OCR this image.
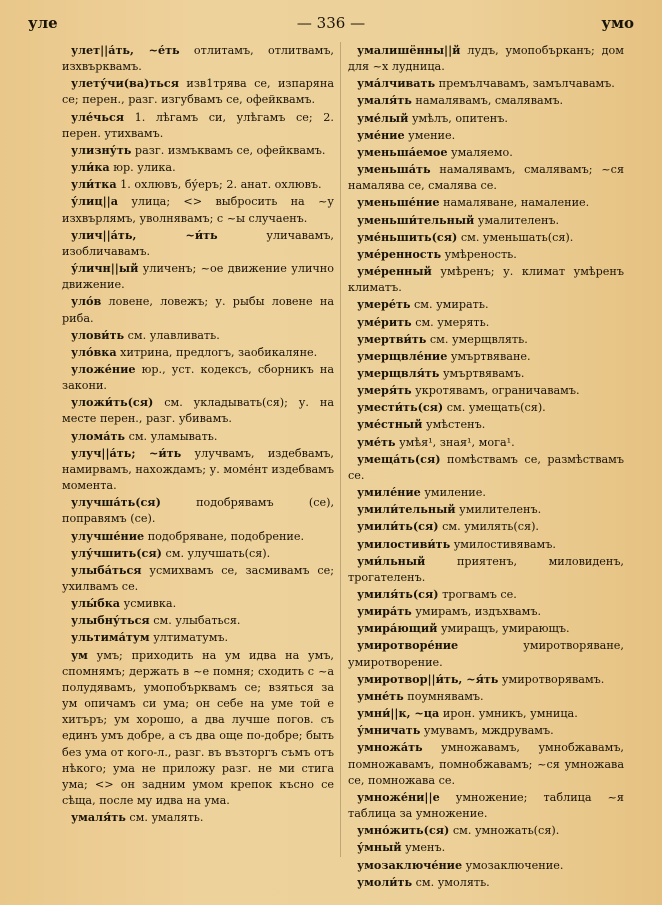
уле	— 336 —	умо

улет||а́ть, ~е́ть отлитамъ, отлитвамъ, изхвърквамъ.

улету́чи(ва)ться изв1трява се, изпаряна се; перен., разг. изгубвамъ се, офейквамъ.

уле́чься 1. лѣгамъ си, улѣгамъ се; 2. перен. утихвамъ.

улизну́ть разг. измъквамъ се, офейквамъ.

ули́ка юр. улика.

ули́тка 1. охлювъ, бу́еръ; 2. анат. охлювъ.

у́лиц||а улица; <> выбросить на ~у изхвърлямъ, уволнявамъ; с ~ы случаенъ.

улич||а́ть, ~и́ть уличавамъ, изобличавамъ.

у́личн||ый уличенъ; ~ое движение улично движение.

уло́в ловене, ловежъ; у. рыбы ловене на риба.

улови́ть см. улавливать.

уло́вка хитрина, предлогъ, заобикаляне.

уложе́ние юр., уст. кодексъ, сборникъ на закони.

уложи́ть(ся) см. укладывать(ся); у. на месте перен., разг. убивамъ.

улома́ть см. уламывать.

улуч||а́ть; ~и́ть улучвамъ, издебвамъ, намирвамъ, нахождамъ; у. моме́нт издебвамъ момента.

улучша́ть(ся) подобрявамъ (се), поправямъ (се).

улучше́ние подобряване, подобрение.

улу́чшить(ся) см. улучшать(ся).

улыба́ться усмихвамъ се, засмивамъ се; ухилвамъ се.

улы́бка усмивка.

улыбну́ться см. улыбаться.

ультима́тум ултиматумъ.

ум умъ; приходить на ум идва на умъ, спомнямъ; держать в ~е помня; сходить с ~а полудявамъ, умопобърквамъ се; взяться за ум опичамъ си ума; он себе на уме той е хитъръ; ум хорошо, а два лучше погов. съ единъ умъ добре, а съ два още по-добре; быть без ума от кого-л., разг. въ възторгъ съмъ отъ нѣкого; ума не приложу разг. не ми стига ума; <> он задним умом крепок късно се сѣща, после му идва на ума.

умаля́ть см. умалять.

умалишённы||й лудъ, умопобърканъ; дом для ~х лудница.

ума́лчивать премълчавамъ, замълчавамъ.

умаля́ть намалявамъ, смалявамъ.

уме́лый умѣлъ, опитенъ.

уме́ние умение.

уменьша́емое умаляемо.

уменьша́ть намалявамъ, смалявамъ; ~ся намалява се, смалява се.

уменьше́ние намаляване, намаление.

уменьши́тельный умалителенъ.

уме́ньшить(ся) см. уменьшать(ся).

уме́ренность умѣреность.

уме́ренный умѣренъ; у. климат умѣренъ климатъ.

умере́ть см. умирать.

уме́рить см. умерять.

умертви́ть см. умерщвлять.

умерщвле́ние умъртвяване.

умерщвля́ть умъртвявамъ.

умеря́ть укротявамъ, ограничавамъ.

умести́ть(ся) см. умещать(ся).

уме́стный умѣстенъ.

уме́ть умѣя¹, зная¹, мога¹.

умеща́ть(ся) помѣствамъ се, размѣствамъ се.

умиле́ние умиление.

умили́тельный умилителенъ.

умили́ть(ся) см. умилять(ся).

умилостиви́ть умилостивявамъ.

уми́льный приятенъ, миловиденъ, трогателенъ.

умиля́ть(ся) трогвамъ се.

умира́ть умирамъ, издъхвамъ.

умира́ющий умиращъ, умирающъ.

умиротворе́ние умиротворяване, умиротворение.

умиротвор||и́ть, ~я́ть умиротворявамъ.

умне́ть поумнявамъ.

умни́||к, ~ца ирон. умникъ, умница.

у́мничать умувамъ, мждрувамъ.

умножа́ть умножавамъ, умнобжавамъ, помножавамъ, помнобжавамъ; ~ся умножава се, помножава се.

умноже́ни||е умножение; таблица ~я таблица за умножение.

умно́жить(ся) см. умножать(ся).

у́мный уменъ.

умозаключе́ние умозаключение.

умоли́ть см. умолять.
